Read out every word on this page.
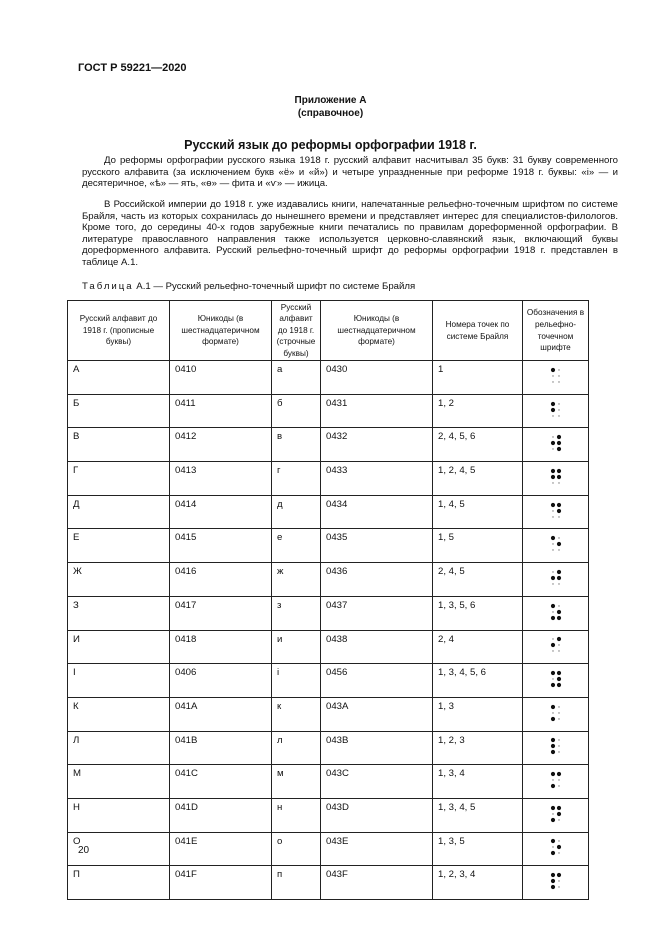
ГОСТ Р 59221—2020
Приложение А
(справочное)
Русский язык до реформы орфографии 1918 г.

До реформы орфографии русского языка 1918 г. русский алфавит насчитывал 35 букв: 31 букву современного русского алфавита (за исключением букв «ё» и «й») и четыре упраздненные при реформе 1918 г. буквы: «і» — и десятеричное, «ѣ» — ять, «ѳ» — фита и «ѵ» — ижица.

В Российской империи до 1918 г. уже издавались книги, напечатанные рельефно-точечным шрифтом по системе Брайля, часть из которых сохранилась до нынешнего времени и представляет интерес для специалистов-филологов. Кроме того, до середины 40-х годов зарубежные книги печатались по правилам дореформенной орфографии. В литературе православного направления также используется церковно-славянский язык, включающий буквы дореформенного алфавита. Русский рельефно-точечный шрифт до реформы орфографии 1918 г. представлен в таблице А.1.

Таблица А.1 — Русский рельефно-точечный шрифт по системе Брайля
Русский алфавит до 1918 г. (прописные буквы)	Юникоды (в шестнадцатеричном формате)	Русский алфавит до 1918 г. (строчные буквы)	Юникоды (в шестнадцатеричном формате)	Номера точек по системе Брайля	Обозначения в рельефно-точечном шрифте
А	0410	а	0430	1	
Б	0411	б	0431	1, 2	
В	0412	в	0432	2, 4, 5, 6	
Г	0413	г	0433	1, 2, 4, 5	
Д	0414	д	0434	1, 4, 5	
Е	0415	е	0435	1, 5	
Ж	0416	ж	0436	2, 4, 5	
З	0417	з	0437	1, 3, 5, 6	
И	0418	и	0438	2, 4	
І	0406	і	0456	1, 3, 4, 5, 6	
К	041А	к	043А	1, 3	
Л	041В	л	043В	1, 2, 3	
М	041С	м	043С	1, 3, 4	
Н	041D	н	043D	1, 3, 4, 5	
О	041Е	о	043Е	1, 3, 5	
П	041F	п	043F	1, 2, 3, 4	
20
